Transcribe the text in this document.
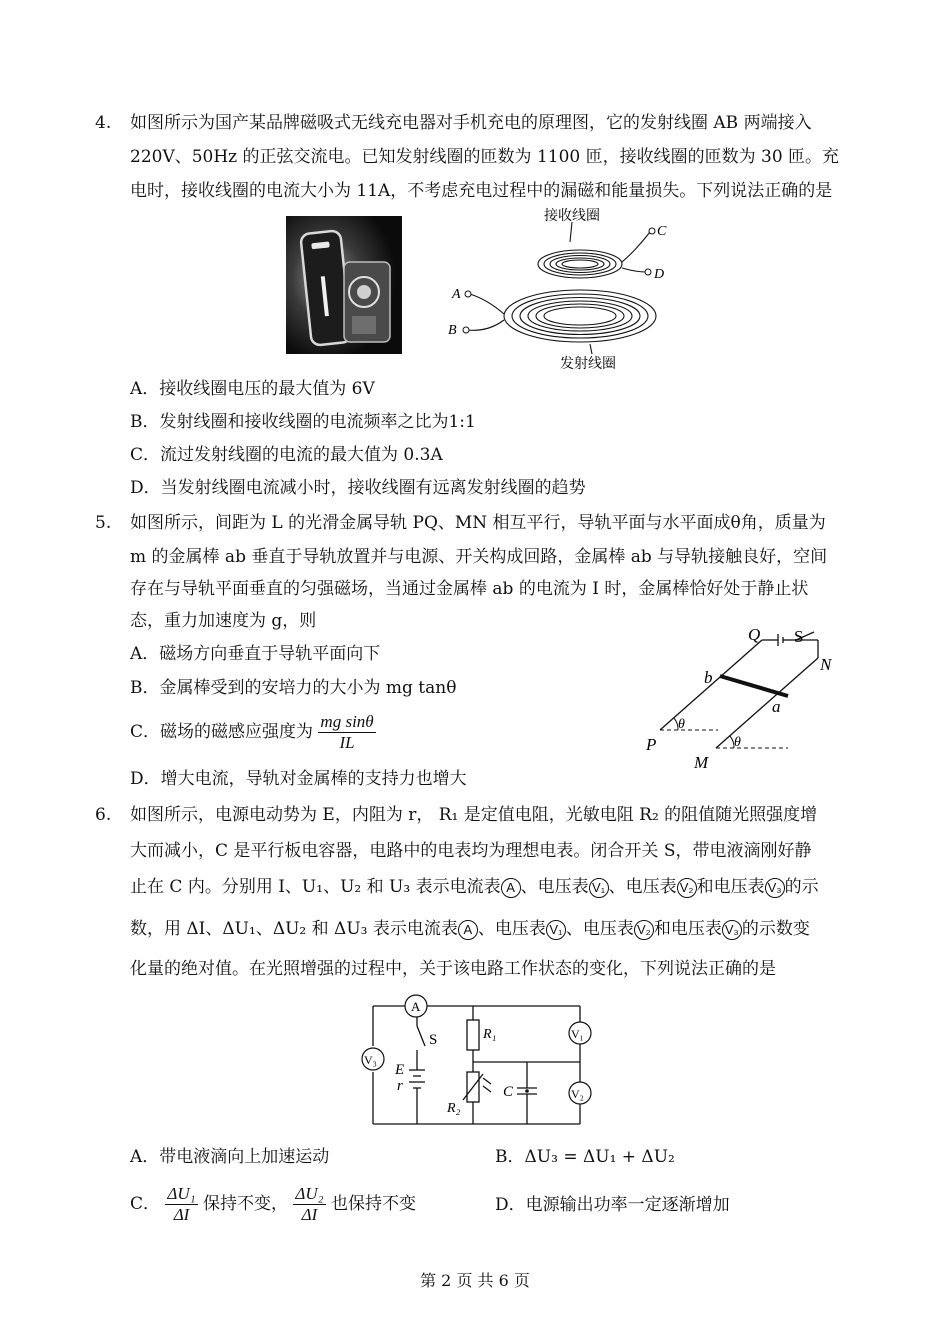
4. 如图所示为国产某品牌磁吸式无线充电器对手机充电的原理图，它的发射线圈 AB 两端接入
220V、50Hz 的正弦交流电。已知发射线圈的匝数为 1100 匝，接收线圈的匝数为 30 匝。充
电时，接收线圈的电流大小为 11A，不考虑充电过程中的漏磁和能量损失。下列说法正确的是
C
D
A
B
接收线圈
发射线圈
A．接收线圈电压的最大值为 6V
B．发射线圈和接收线圈的电流频率之比为1:1
C．流过发射线圈的电流的最大值为 0.3A
D．当发射线圈电流减小时，接收线圈有远离发射线圈的趋势
5. 如图所示，间距为 L 的光滑金属导轨 PQ、MN 相互平行，导轨平面与水平面成θ角，质量为
m 的金属棒 ab 垂直于导轨放置并与电源、开关构成回路，金属棒 ab 与导轨接触良好，空间
存在与导轨平面垂直的匀强磁场，当通过金属棒 ab 的电流为 I 时，金属棒恰好处于静止状
态，重力加速度为 g，则
A．磁场方向垂直于导轨平面向下
B．金属棒受到的安培力的大小为 mg tanθ
C．磁场的磁感应强度为 $\frac{\text{mg sinθ}}{IL}$
D．增大电流，导轨对金属棒的支持力也增大
Q S
N
b
a
P
M
θ
θ
6. 如图所示，电源电动势为 E，内阻为 r， R₁ 是定值电阻，光敏电阻 R₂ 的阻值随光照强度增
大而减小，C 是平行板电容器，电路中的电表均为理想电表。闭合开关 S，带电液滴刚好静
止在 C 内。分别用 I、U₁、U₂ 和 U₃ 表示电流表 A 、电压表 V₁ 、电压表 V₂ 和电压表 V₃ 的示
数，用 ΔI、ΔU₁、ΔU₂ 和 ΔU₃ 表示电流表 A 、电压表 V₁ 、电压表 V₂ 和电压表 V₃ 的示数变
化量的绝对值。在光照增强的过程中，关于该电路工作状态的变化，下列说法正确的是
A
S	R₁	V₁
V₃
E
r	C
R₂
V₂
A．带电液滴向上加速运动	B．ΔU₃ = ΔU₁ + ΔU₂
C． $\frac{\text{ΔU₁}}{\Delta I}$ 保持不变， $\frac{\text{ΔU₂}}{\Delta I}$ 也保持不变	D．电源输出功率一定逐渐增加
第 2 页 共 6 页
